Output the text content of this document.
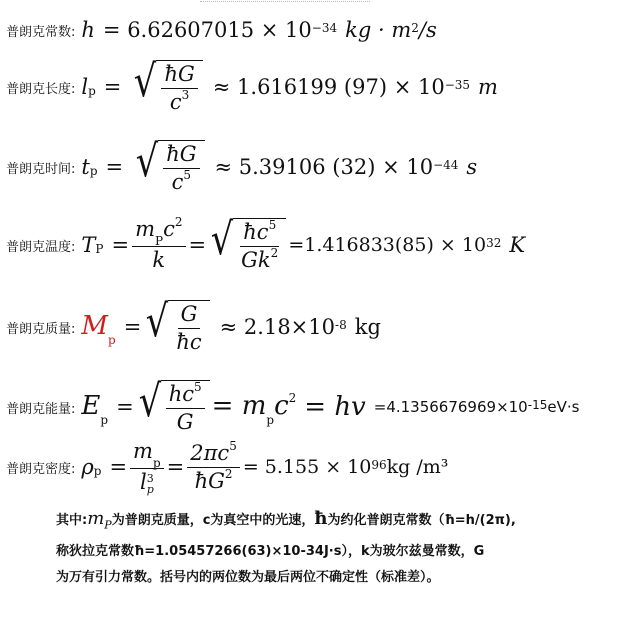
普朗克常数: $h = 6.62607015 \times 10^{-34}$ kg · $m^2$ /s
普朗克长度: $l_p$ = √ $\frac{ħG}{c^3} \approx 1.616199$ $(97) \times 10^{-35}$ m
普朗克时间: $t_p$ = √ $\frac{ħG}{c^5} \approx 5.39106$ $(32) \times 10^{-44}$ s
普朗克温度: $T_P = \frac{m_Pc^2}{k}$ = √ $\frac{ħc^5}{Gk^2} =1.416833(85) \times 10^{32}$ K
普朗克质量: $M_p$
= √ $\frac{G}{ħc} \approx 2.18\times 10^{-8}$ kg
普朗克能量: $E_p$
= √ $\frac{hc^5}{G} = m_pc^2$ = hv $=4.1356676969\times 10^{-15}$ eV·s
普朗克密度: $\rho_p = m_p$
l 3
$p = \frac{2\pi c^5}{ħG^2} = 5.155 \times 10^{96}$ kg /m³
其中$:m_P$为普朗克质量，c为真空中的光速，ħ为约化普朗克常数（ħ=h/(2π),
称狄拉克常数ħ=1.05457266(63)×10-34J·s），k为玻尔兹曼常数，G
为万有引力常数。括号内的两位数为最后两位不确定性（标准差）。
